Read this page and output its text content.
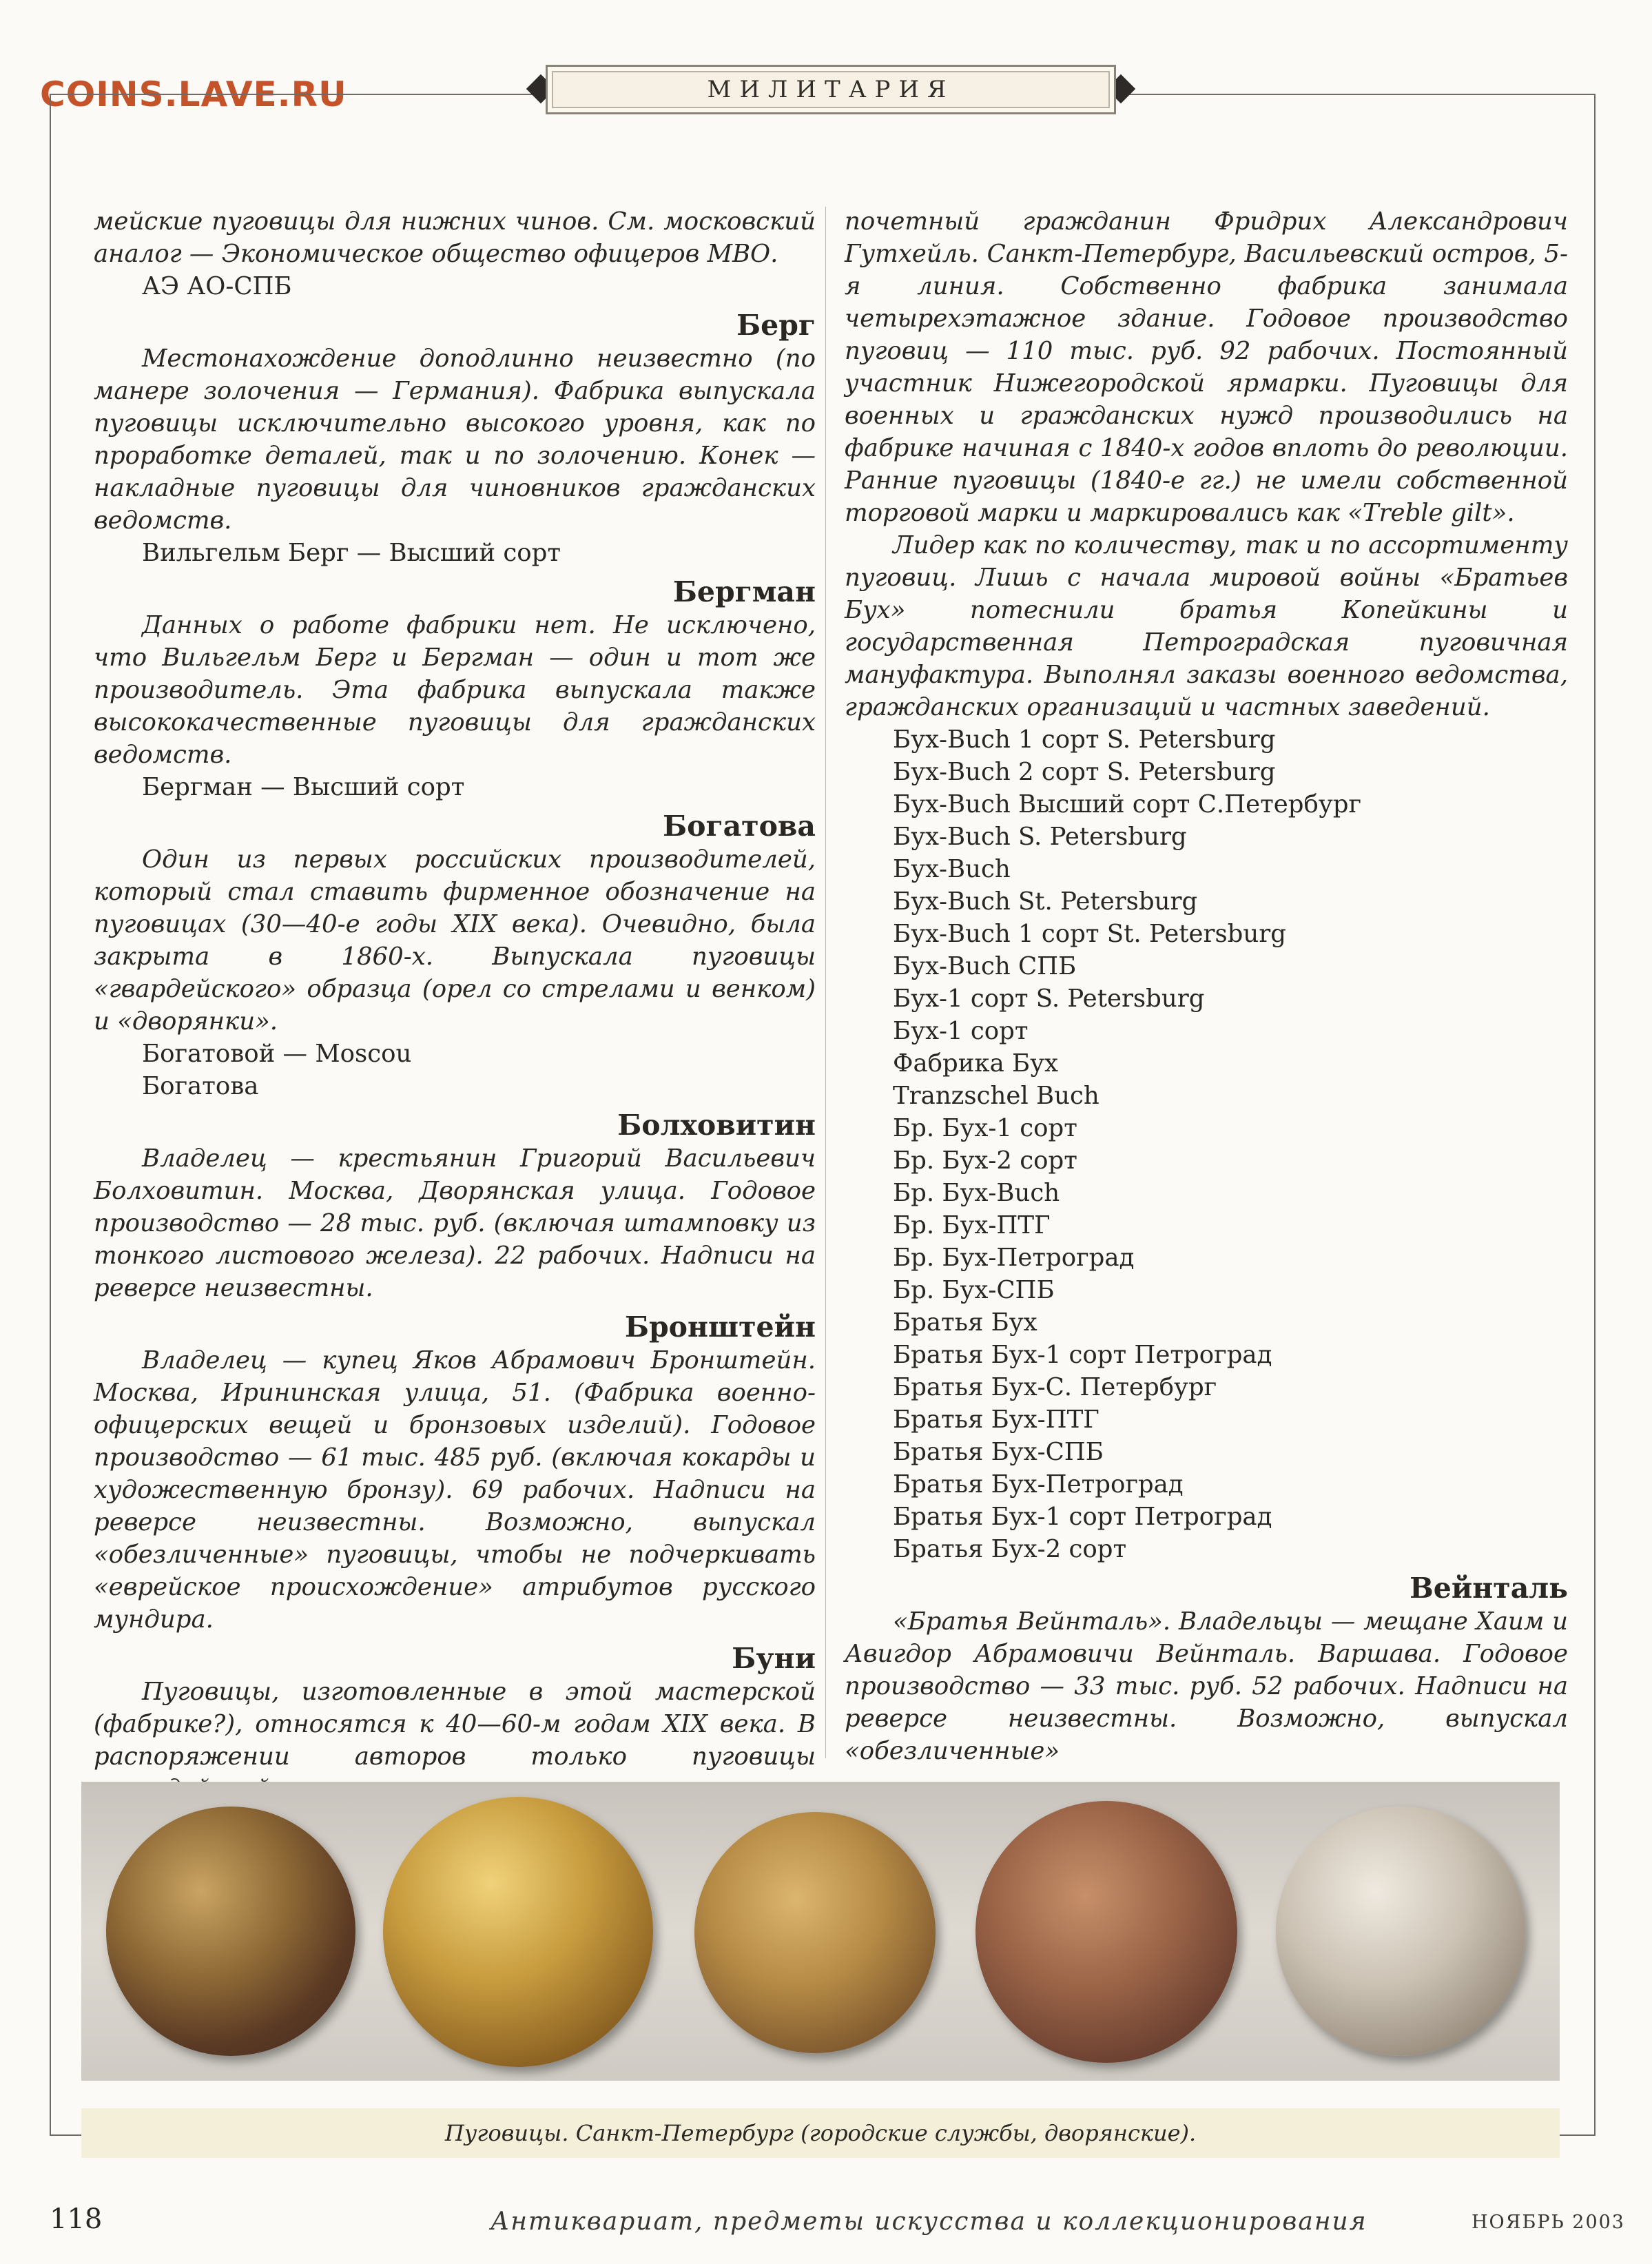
COINS.LAVE.RU	МИЛИТАРИЯ

мейские пуговицы для нижних чинов. См. московский аналог — Экономическое общество офицеров МВО.

АЭ АО-СПБ

Берг

Местонахождение доподлинно неизвестно (по манере золочения — Германия). Фабрика выпускала пуговицы исключительно высокого уровня, как по проработке деталей, так и по золочению. Конек — накладные пуговицы для чиновников гражданских ведомств.

Вильгельм Берг — Высший сорт

Бергман

Данных о работе фабрики нет. Не исключено, что Вильгельм Берг и Бергман — один и тот же производитель. Эта фабрика выпускала также высококачественные пуговицы для гражданских ведомств.

Бергман — Высший сорт

Богатова

Один из первых российских производителей, который стал ставить фирменное обозначение на пуговицах (30—40-е годы XIX века). Очевидно, была закрыта в 1860-х. Выпускала пуговицы «гвардейского» образца (орел со стрелами и венком) и «дворянки».

Богатовой — Moscou

Богатова

Болховитин

Владелец — крестьянин Григорий Васильевич Болховитин. Москва, Дворянская улица. Годовое производство — 28 тыс. руб. (включая штамповку из тонкого листового железа). 22 рабочих. Надписи на реверсе неизвестны.

Бронштейн

Владелец — купец Яков Абрамович Бронштейн. Москва, Ирининская улица, 51. (Фабрика военно-офицерских вещей и бронзовых изделий). Годовое производство — 61 тыс. 485 руб. (включая кокарды и художественную бронзу). 69 рабочих. Надписи на реверсе неизвестны. Возможно, выпускал «обезличенные» пуговицы, чтобы не подчеркивать «еврейское происхождение» атрибутов русского мундира.

Буни

Пуговицы, изготовленные в этой мастерской (фабрике?), относятся к 40—60-м годам XIX века. В распоряжении авторов только пуговицы

почетный гражданин Фридрих Александрович Гутхейль. Санкт-Петербург, Васильевский остров, 5-я линия. Собственно фабрика занимала четырехэтажное здание. Годовое производство пуговиц — 110 тыс. руб. 92 рабочих. Постоянный участник Нижегородской ярмарки. Пуговицы для военных и гражданских нужд производились на фабрике начиная с 1840-х годов вплоть до революции. Ранние пуговицы (1840-е гг.) не имели собственной торговой марки и маркировались как «Treble gilt».

Лидер как по количеству, так и по ассортименту пуговиц. Лишь с начала мировой войны «Братьев Бух» потеснили братья Копейкины и государственная Петроградская пуговичная мануфактура. Выполнял заказы военного ведомства, гражданских организаций и частных заведений.

Бух-Buch 1 сорт S. Petersburg

Бух-Buch 2 сорт S. Petersburg

Бух-Buch Высший сорт С.Петербург

Бух-Buch S. Petersburg

Бух-Buch

Бух-Buch St. Petersburg

Бух-Buch 1 сорт St. Petersburg

Бух-Buch СПБ

Бух-1 сорт S. Petersburg

Бух-1 сорт

Фабрика Бух

Tranzschel Buch

Бр. Бух-1 сорт

Бр. Бух-2 сорт

Бр. Бух-Buch

Бр. Бух-ПТГ

Бр. Бух-Петроград

Бр. Бух-СПБ

Братья Бух

Братья Бух-1 сорт Петроград

Братья Бух-С. Петербург

Братья Бух-ПТГ

Братья Бух-СПБ

Братья Бух-Петроград

Братья Бух-1 сорт Петроград

Братья Бух-2 сорт

Вейнталь

«Братья Вейнталь». Владельцы — мещане Хаим и Авигдор Абрамовичи Вейнталь. Варшава. Годовое производство — 33 тыс. руб. 52 рабочих. Надписи на реверсе неизвестны. Возможно, выпускал «обезличенные»

Пуговицы. Санкт-Петербург (городские службы, дворянские).
118	Антиквариат, предметы искусства и коллекционирования	НОЯБРЬ 2003
